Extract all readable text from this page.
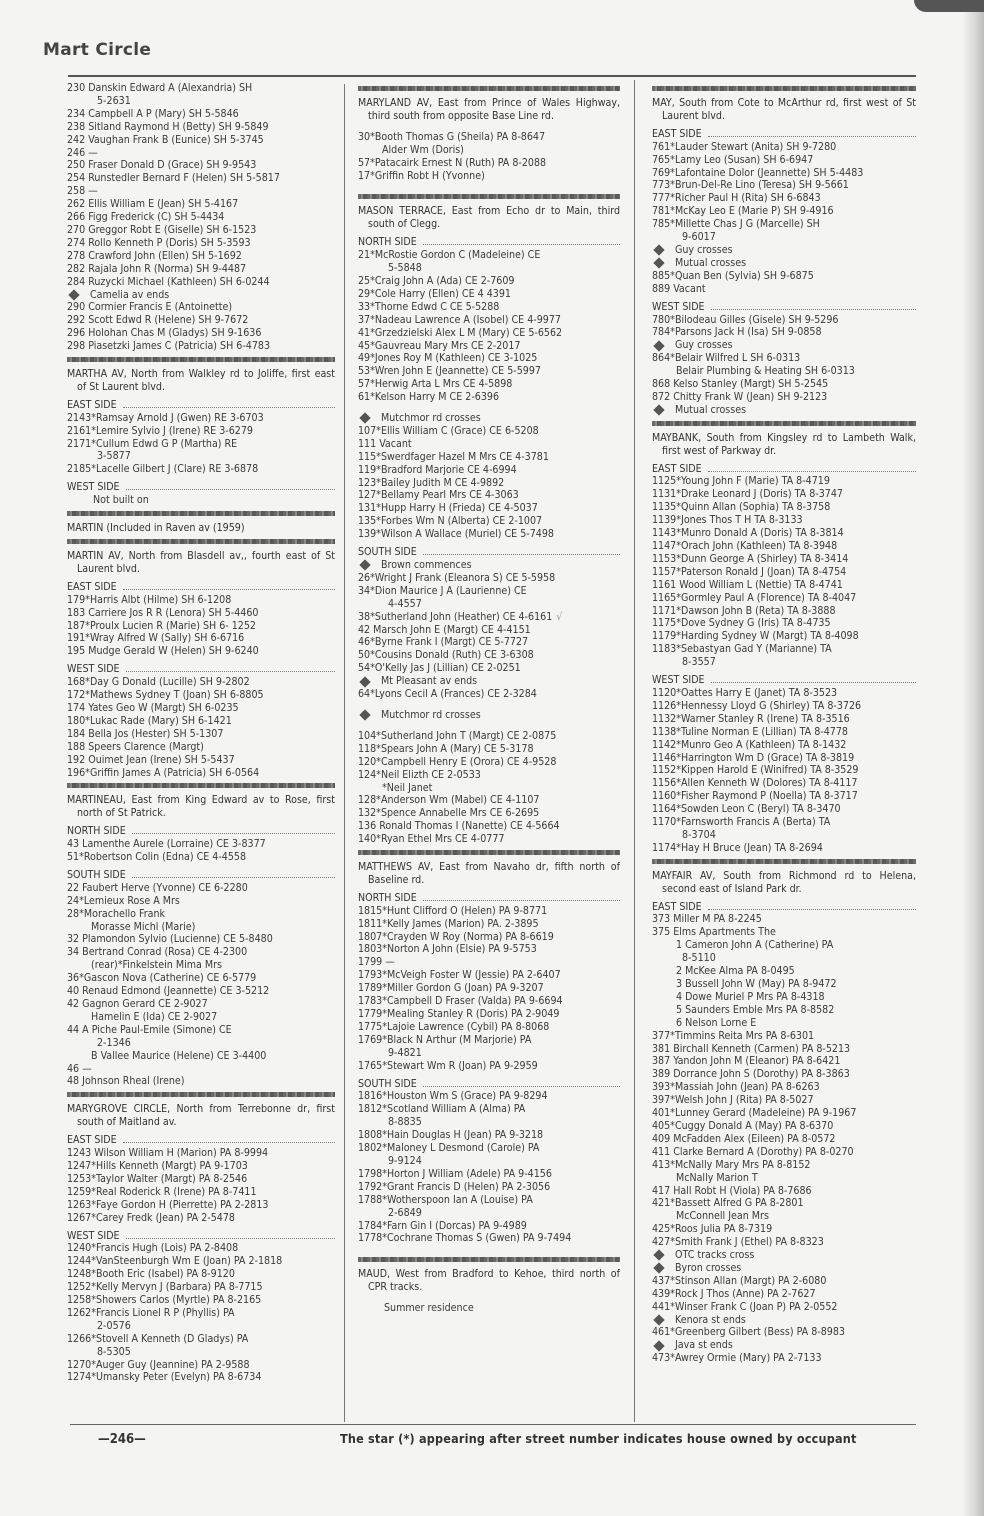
Mart Circle
230 Danskin Edward A (Alexandria) SH
5-2631
234 Campbell A P (Mary) SH 5-5846
238 Sitland Raymond H (Betty) SH 9-5849
242 Vaughan Frank B (Eunice) SH 5-3745
246 —
250 Fraser Donald D (Grace) SH 9-9543
254 Runstedler Bernard F (Helen) SH 5-5817
258 —
262 Ellis William E (Jean) SH 5-4167
266 Figg Frederick (C) SH 5-4434
270 Greggor Robt E (Giselle) SH 6-1523
274 Rollo Kenneth P (Doris) SH 5-3593
278 Crawford John (Ellen) SH 5-1692
282 Rajala John R (Norma) SH 9-4487
284 Ruzycki Michael (Kathleen) SH 6-0244
Camelia av ends
290 Cormier Francis E (Antoinette)
292 Scott Edwd R (Helene) SH 9-7672
296 Holohan Chas M (Gladys) SH 9-1636
298 Piasetzki James C (Patricia) SH 6-4783
MARTHA AV, North from Walkley rd to Joliffe, first east of St Laurent blvd.
EAST SIDE
2143*Ramsay Arnold J (Gwen) RE 3-6703
2161*Lemire Sylvio J (Irene) RE 3-6279
2171*Cullum Edwd G P (Martha) RE
3-5877
2185*Lacelle Gilbert J (Clare) RE 3-6878
WEST SIDE
Not built on
MARTIN (Included in Raven av (1959)
MARTIN AV, North from Blasdell av,, fourth east of St Laurent blvd.
EAST SIDE
179*Harris Albt (Hilme) SH 6-1208
183 Carriere Jos R R (Lenora) SH 5-4460
187*Proulx Lucien R (Marie) SH 6- 1252
191*Wray Alfred W (Sally) SH 6-6716
195 Mudge Gerald W (Helen) SH 9-6240
WEST SIDE
168*Day G Donald (Lucille) SH 9-2802
172*Mathews Sydney T (Joan) SH 6-8805
174 Yates Geo W (Margt) SH 6-0235
180*Lukac Rade (Mary) SH 6-1421
184 Bella Jos (Hester) SH 5-1307
188 Speers Clarence (Margt)
192 Ouimet Jean (Irene) SH 5-5437
196*Griffin James A (Patricia) SH 6-0564
MARTINEAU, East from King Edward av to Rose, first north of St Patrick.
NORTH SIDE
43 Lamenthe Aurele (Lorraine) CE 3-8377
51*Robertson Colin (Edna) CE 4-4558
SOUTH SIDE
22 Faubert Herve (Yvonne) CE 6-2280
24*Lemieux Rose A Mrs
28*Morachello Frank
Morasse Michl (Marie)
32 Plamondon Sylvio (Lucienne) CE 5-8480
34 Bertrand Conrad (Rosa) CE 4-2300
(rear)*Finkelstein Mima Mrs
36*Gascon Nova (Catherine) CE 6-5779
40 Renaud Edmond (Jeannette) CE 3-5212
42 Gagnon Gerard CE 2-9027
Hamelin E (Ida) CE 2-9027
44 A Piche Paul-Emile (Simone) CE
2-1346
B Vallee Maurice (Helene) CE 3-4400
46 —
48 Johnson Rheal (Irene)
MARYGROVE CIRCLE, North from Terrebonne dr, first south of Maitland av.
EAST SIDE
1243 Wilson William H (Marion) PA 8-9994
1247*Hills Kenneth (Margt) PA 9-1703
1253*Taylor Walter (Margt) PA 8-2546
1259*Real Roderick R (Irene) PA 8-7411
1263*Faye Gordon H (Pierrette) PA 2-2813
1267*Carey Fredk (Jean) PA 2-5478
WEST SIDE
1240*Francis Hugh (Lois) PA 2-8408
1244*VanSteenburgh Wm E (Joan) PA 2-1818
1248*Booth Eric (Isabel) PA 8-9120
1252*Kelly Mervyn J (Barbara) PA 8-7715
1258*Showers Carlos (Myrtle) PA 8-2165
1262*Francis Lionel R P (Phyllis) PA
2-0576
1266*Stovell A Kenneth (D Gladys) PA
8-5305
1270*Auger Guy (Jeannine) PA 2-9588
1274*Umansky Peter (Evelyn) PA 8-6734
MARYLAND AV, East from Prince of Wales Highway, third south from opposite Base Line rd.
30*Booth Thomas G (Sheila) PA 8-8647
Alder Wm (Doris)
57*Patacairk Ernest N (Ruth) PA 8-2088
17*Griffin Robt H (Yvonne)
MASON TERRACE, East from Echo dr to Main, third south of Clegg.
NORTH SIDE
21*McRostie Gordon C (Madeleine) CE
5-5848
25*Craig John A (Ada) CE 2-7609
29*Cole Harry (Ellen) CE 4 4391
33*Thorne Edwd C CE 5-5288
37*Nadeau Lawrence A (Isobel) CE 4-9977
41*Grzedzielski Alex L M (Mary) CE 5-6562
45*Gauvreau Mary Mrs CE 2-2017
49*Jones Roy M (Kathleen) CE 3-1025
53*Wren John E (Jeannette) CE 5-5997
57*Herwig Arta L Mrs CE 4-5898
61*Kelson Harry M CE 2-6396
Mutchmor rd crosses
107*Ellis William C (Grace) CE 6-5208
111 Vacant
115*Swerdfager Hazel M Mrs CE 4-3781
119*Bradford Marjorie CE 4-6994
123*Bailey Judith M CE 4-9892
127*Bellamy Pearl Mrs CE 4-3063
131*Hupp Harry H (Frieda) CE 4-5037
135*Forbes Wm N (Alberta) CE 2-1007
139*Wilson A Wallace (Muriel) CE 5-7498
SOUTH SIDE
Brown commences
26*Wright J Frank (Eleanora S) CE 5-5958
34*Dion Maurice J A (Laurienne) CE
4-4557
38*Sutherland John (Heather) CE 4-6161 √
42 Marsch John E (Margt) CE 4-4151
46*Byrne Frank I (Margt) CE 5-7727
50*Cousins Donald (Ruth) CE 3-6308
54*O'Kelly Jas J (Lillian) CE 2-0251
Mt Pleasant av ends
64*Lyons Cecil A (Frances) CE 2-3284
Mutchmor rd crosses
104*Sutherland John T (Margt) CE 2-0875
118*Spears John A (Mary) CE 5-3178
120*Campbell Henry E (Orora) CE 4-9528
124*Neil Elizth CE 2-0533
*Neil Janet
128*Anderson Wm (Mabel) CE 4-1107
132*Spence Annabelle Mrs CE 6-2695
136 Ronald Thomas I (Nanette) CE 4-5664
140*Ryan Ethel Mrs CE 4-0777
MATTHEWS AV, East from Navaho dr, fifth north of Baseline rd.
NORTH SIDE
1815*Hunt Clifford O (Helen) PA 9-8771
1811*Kelly James (Marion) PA. 2-3895
1807*Crayden W Roy (Norma) PA 8-6619
1803*Norton A John (Elsie) PA 9-5753
1799 —
1793*McVeigh Foster W (Jessie) PA 2-6407
1789*Miller Gordon G (Joan) PA 9-3207
1783*Campbell D Fraser (Valda) PA 9-6694
1779*Mealing Stanley R (Doris) PA 2-9049
1775*Lajoie Lawrence (Cybil) PA 8-8068
1769*Black N Arthur (M Marjorie) PA
9-4821
1765*Stewart Wm R (Joan) PA 9-2959
SOUTH SIDE
1816*Houston Wm S (Grace) PA 9-8294
1812*Scotland William A (Alma) PA
8-8835
1808*Hain Douglas H (Jean) PA 9-3218
1802*Maloney L Desmond (Carole) PA
9-9124
1798*Horton J William (Adele) PA 9-4156
1792*Grant Francis D (Helen) PA 2-3056
1788*Wotherspoon Ian A (Louise) PA
2-6849
1784*Farn Gin I (Dorcas) PA 9-4989
1778*Cochrane Thomas S (Gwen) PA 9-7494
MAUD, West from Bradford to Kehoe, third north of CPR tracks.
Summer residence
MAY, South from Cote to McArthur rd, first west of St Laurent blvd.
EAST SIDE
761*Lauder Stewart (Anita) SH 9-7280
765*Lamy Leo (Susan) SH 6-6947
769*Lafontaine Dolor (Jeannette) SH 5-4483
773*Brun-Del-Re Lino (Teresa) SH 9-5661
777*Richer Paul H (Rita) SH 6-6843
781*McKay Leo E (Marie P) SH 9-4916
785*Millette Chas J G (Marcelle) SH
9-6017
Guy crosses
Mutual crosses
885*Quan Ben (Sylvia) SH 9-6875
889 Vacant
WEST SIDE
780*Bilodeau Gilles (Gisele) SH 9-5296
784*Parsons Jack H (Isa) SH 9-0858
Guy crosses
864*Belair Wilfred L SH 6-0313
Belair Plumbing & Heating SH 6-0313
868 Kelso Stanley (Margt) SH 5-2545
872 Chitty Frank W (Jean) SH 9-2123
Mutual crosses
MAYBANK, South from Kingsley rd to Lambeth Walk, first west of Parkway dr.
EAST SIDE
1125*Young John F (Marie) TA 8-4719
1131*Drake Leonard J (Doris) TA 8-3747
1135*Quinn Allan (Sophia) TA 8-3758
1139*Jones Thos T H TA 8-3133
1143*Munro Donald A (Doris) TA 8-3814
1147*Orach John (Kathleen) TA 8-3948
1153*Dunn George A (Shirley) TA 8-3414
1157*Paterson Ronald J (Joan) TA 8-4754
1161 Wood William L (Nettie) TA 8-4741
1165*Gormley Paul A (Florence) TA 8-4047
1171*Dawson John B (Reta) TA 8-3888
1175*Dove Sydney G (Iris) TA 8-4735
1179*Harding Sydney W (Margt) TA 8-4098
1183*Sebastyan Gad Y (Marianne) TA
8-3557
WEST SIDE
1120*Oattes Harry E (Janet) TA 8-3523
1126*Hennessy Lloyd G (Shirley) TA 8-3726
1132*Warner Stanley R (Irene) TA 8-3516
1138*Tuline Norman E (Lillian) TA 8-4778
1142*Munro Geo A (Kathleen) TA 8-1432
1146*Harrington Wm D (Grace) TA 8-3819
1152*Kippen Harold E (Winifred) TA 8-3529
1156*Allen Kenneth W (Dolores) TA 8-4117
1160*Fisher Raymond P (Noella) TA 8-3717
1164*Sowden Leon C (Beryl) TA 8-3470
1170*Farnsworth Francis A (Berta) TA
8-3704
1174*Hay H Bruce (Jean) TA 8-2694
MAYFAIR AV, South from Richmond rd to Helena, second east of Island Park dr.
EAST SIDE
373 Miller M PA 8-2245
375 Elms Apartments The
1 Cameron John A (Catherine) PA
8-5110
2 McKee Alma PA 8-0495
3 Bussell John W (May) PA 8-9472
4 Dowe Muriel P Mrs PA 8-4318
5 Saunders Emble Mrs PA 8-8582
6 Nelson Lorne E
377*Timmins Reita Mrs PA 8-6301
381 Birchall Kenneth (Carmen) PA 8-5213
387 Yandon John M (Eleanor) PA 8-6421
389 Dorrance John S (Dorothy) PA 8-3863
393*Massiah John (Jean) PA 8-6263
397*Welsh John J (Rita) PA 8-5027
401*Lunney Gerard (Madeleine) PA 9-1967
405*Cuggy Donald A (May) PA 8-6370
409 McFadden Alex (Eileen) PA 8-0572
411 Clarke Bernard A (Dorothy) PA 8-0270
413*McNally Mary Mrs PA 8-8152
McNally Marion T
417 Hall Robt H (Viola) PA 8-7686
421*Bassett Alfred G PA 8-2801
McConnell Jean Mrs
425*Roos Julia PA 8-7319
427*Smith Frank J (Ethel) PA 8-8323
OTC tracks cross
Byron crosses
437*Stinson Allan (Margt) PA 2-6080
439*Rock J Thos (Anne) PA 2-7627
441*Winser Frank C (Joan P) PA 2-0552
Kenora st ends
461*Greenberg Gilbert (Bess) PA 8-8983
Java st ends
473*Awrey Ormie (Mary) PA 2-7133
—246—	The star (*) appearing after street number indicates house owned by occupant
